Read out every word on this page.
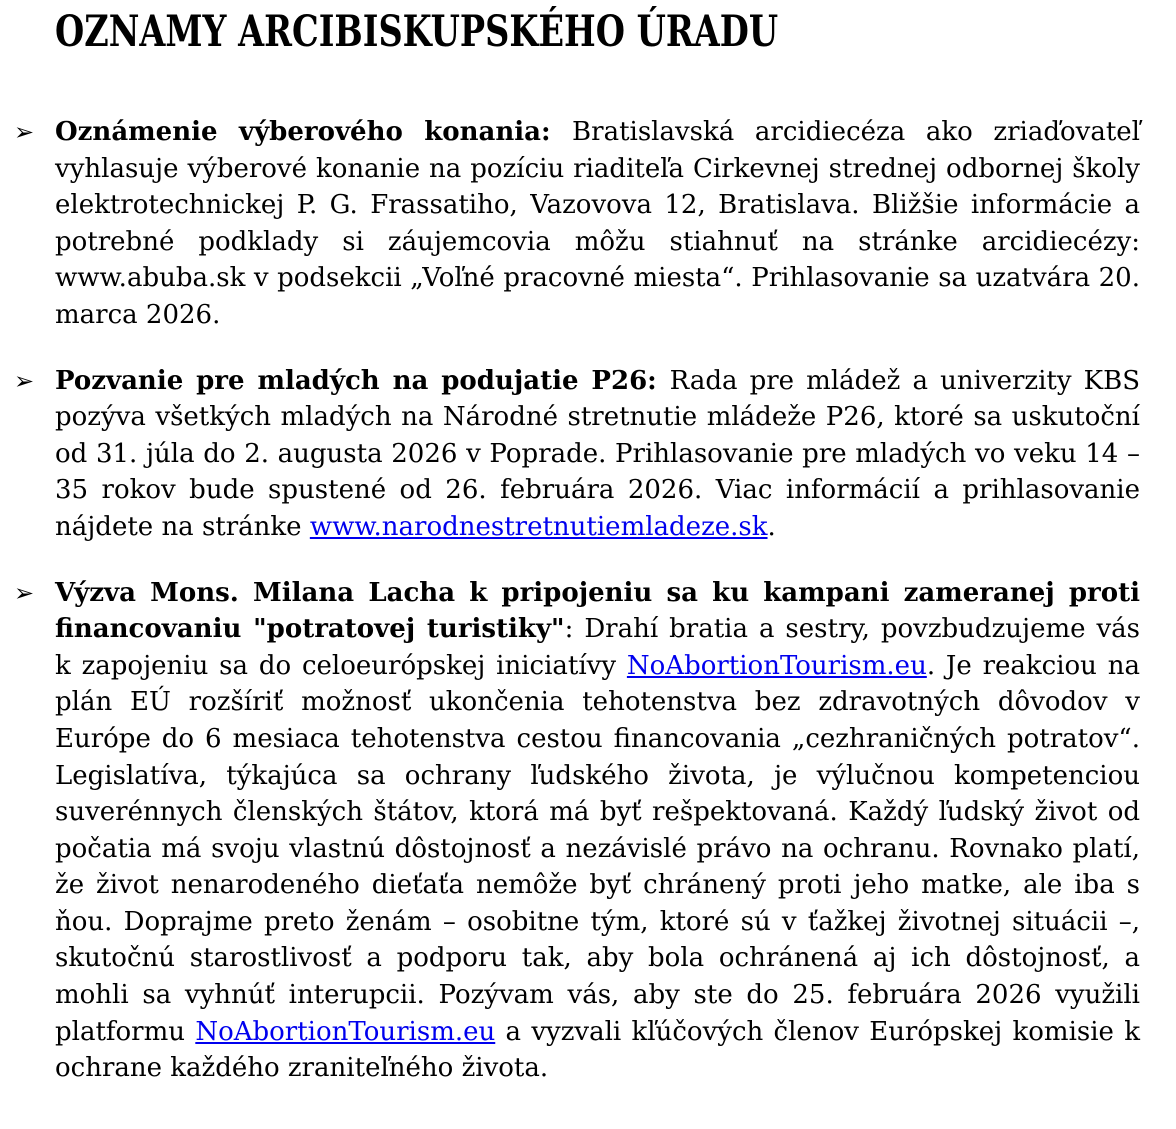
OZNAMY ARCIBISKUPSKÉHO ÚRADU
➢ Oznámenie výberového konania: Bratislavská arcidiecéza ako zriaďovateľ vyhlasuje výberové konanie na pozíciu riaditeľa Cirkevnej strednej odbornej školy elektrotechnickej P. G. Frassatiho, Vazovova 12, Bratislava. Bližšie informácie a potrebné podklady si záujemcovia môžu stiahnuť na stránke arcidiecézy: www.abuba.sk v podsekcii „Voľné pracovné miesta“. Prihlasovanie sa uzatvára 20. marca 2026.
➢ Pozvanie pre mladých na podujatie P26: Rada pre mládež a univerzity KBS pozýva všetkých mladých na Národné stretnutie mládeže P26, ktoré sa uskutoční od 31. júla do 2. augusta 2026 v Poprade. Prihlasovanie pre mladých vo veku 14 – 35 rokov bude spustené od 26. februára 2026. Viac informácií a prihlasovanie nájdete na stránke www.narodnestretnutiemladeze.sk.
➢ Výzva Mons. Milana Lacha k pripojeniu sa ku kampani zameranej proti financovaniu "potratovej turistiky": Drahí bratia a sestry, povzbudzujeme vás k zapojeniu sa do celoeurópskej iniciatívy NoAbortionTourism.eu. Je reakciou na plán EÚ rozšíriť možnosť ukončenia tehotenstva bez zdravotných dôvodov v Európe do 6 mesiaca tehotenstva cestou financovania „cezhraničných potratov“. Legislatíva, týkajúca sa ochrany ľudského života, je výlučnou kompetenciou suverénnych členských štátov, ktorá má byť rešpektovaná. Každý ľudský život od počatia má svoju vlastnú dôstojnosť a nezávislé právo na ochranu. Rovnako platí, že život nenarodeného dieťaťa nemôže byť chránený proti jeho matke, ale iba s ňou. Doprajme preto ženám – osobitne tým, ktoré sú v ťažkej životnej situácii –, skutočnú starostlivosť a podporu tak, aby bola ochránená aj ich dôstojnosť, a mohli sa vyhnúť interupcii. Pozývam vás, aby ste do 25. februára 2026 využili platformu NoAbortionTourism.eu a vyzvali kľúčových členov Európskej komisie k ochrane každého zraniteľného života.
